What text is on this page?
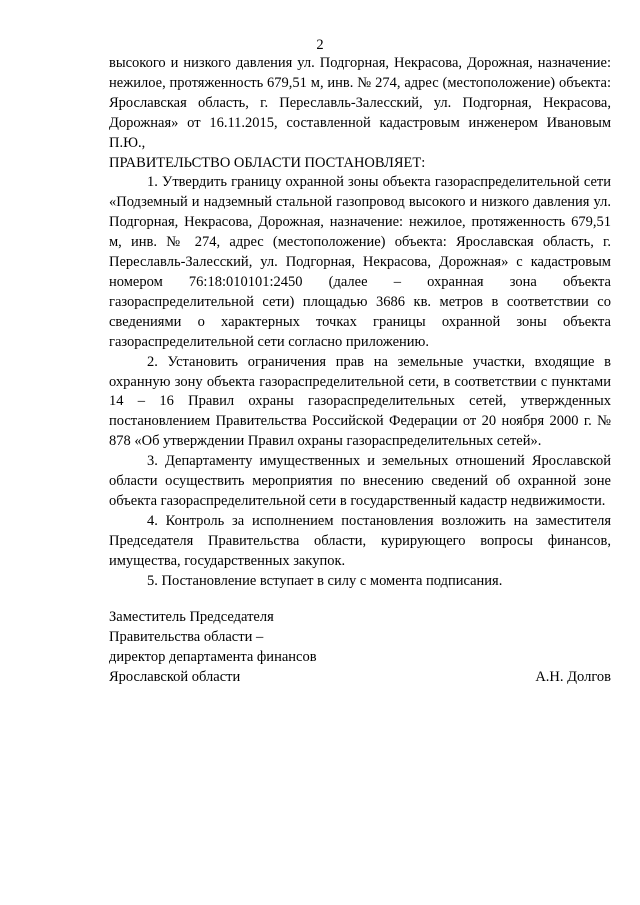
2

высокого и низкого давления ул. Подгорная, Некрасова, Дорожная, назначение: нежилое, протяженность 679,51 м, инв. № 274, адрес (местоположение) объекта: Ярославская область, г. Переславль-Залесский, ул. Подгорная, Некрасова, Дорожная» от 16.11.2015, составленной кадастровым инженером Ивановым П.Ю.,

ПРАВИТЕЛЬСТВО ОБЛАСТИ ПОСТАНОВЛЯЕТ:

1. Утвердить границу охранной зоны объекта газораспределительной сети «Подземный и надземный стальной газопровод высокого и низкого давления ул. Подгорная, Некрасова, Дорожная, назначение: нежилое, протяженность 679,51 м, инв. № 274, адрес (местоположение) объекта: Ярославская область, г. Переславль-Залесский, ул. Подгорная, Некрасова, Дорожная» с кадастровым номером 76:18:010101:2450 (далее – охранная зона объекта газораспределительной сети) площадью 3686 кв. метров в соответствии со сведениями о характерных точках границы охранной зоны объекта газораспределительной сети согласно приложению.

2. Установить ограничения прав на земельные участки, входящие в охранную зону объекта газораспределительной сети, в соответствии с пунктами 14 – 16 Правил охраны газораспределительных сетей, утвержденных постановлением Правительства Российской Федерации от 20 ноября 2000 г. № 878 «Об утверждении Правил охраны газораспределительных сетей».

3. Департаменту имущественных и земельных отношений Ярославской области осуществить мероприятия по внесению сведений об охранной зоне объекта газораспределительной сети в государственный кадастр недвижимости.

4. Контроль за исполнением постановления возложить на заместителя Председателя Правительства области, курирующего вопросы финансов, имущества, государственных закупок.

5. Постановление вступает в силу с момента подписания.

Заместитель Председателя
Правительства области –
директор департамента финансов
Ярославской области	А.Н. Долгов
